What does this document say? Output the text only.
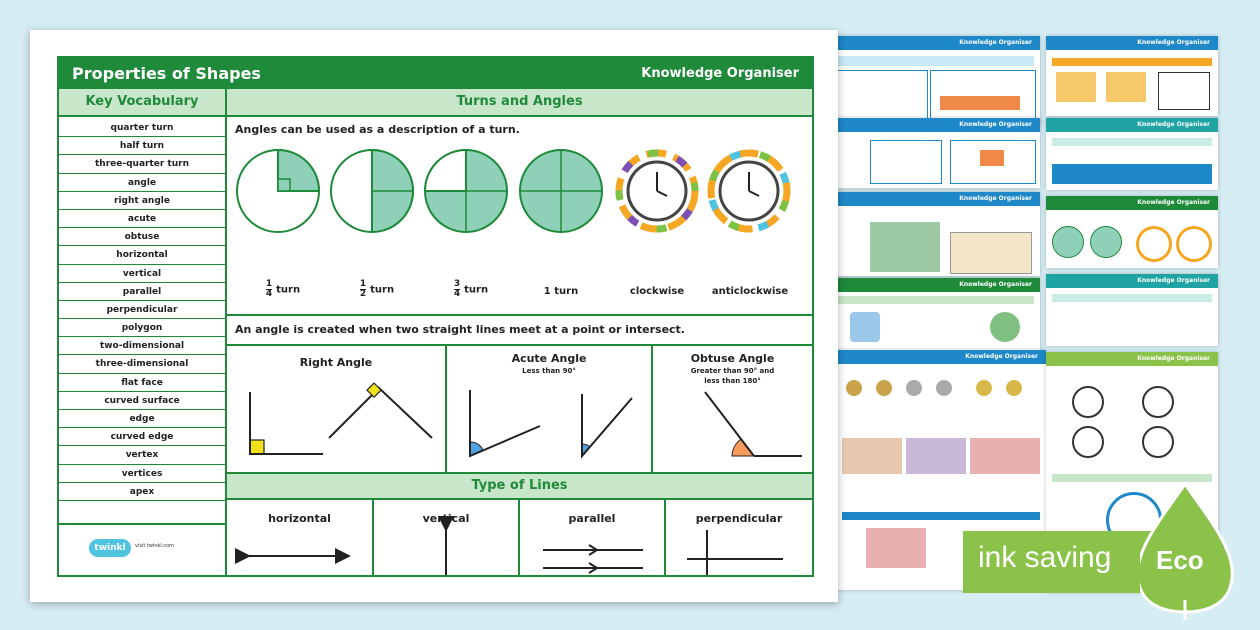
Knowledge Organiser	Knowledge Organiser
Knowledge Organiser	Knowledge Organiser
Knowledge Organiser
Knowledge Organiser
Knowledge Organiser
Knowledge Organiser
Knowledge Organiser	Knowledge Organiser
Properties of Shapes	Knowledge Organiser
Key Vocabulary
quarter turn
half turn
three-quarter turn
angle
right angle
acute
obtuse
horizontal
vertical
parallel
perpendicular
polygon
two-dimensional
three-dimensional
flat face
curved surface
edge
curved edge
vertex
vertices
apex
twinkl	visit twinkl.com
Turns and Angles
Angles can be used as a description of a turn.
$\frac{1}{4}$ turn	$\frac{1}{2}$ turn	$\frac{3}{4}$ turn	1 turn	clockwise	anticlockwise
An angle is created when two straight lines meet at a point or intersect.
Right Angle	Acute Angle
Less than 90°
Obtuse Angle
Greater than 90° and
less than 180°
Type of Lines
horizontal	vertical	parallel	perpendicular
ink saving Eco
